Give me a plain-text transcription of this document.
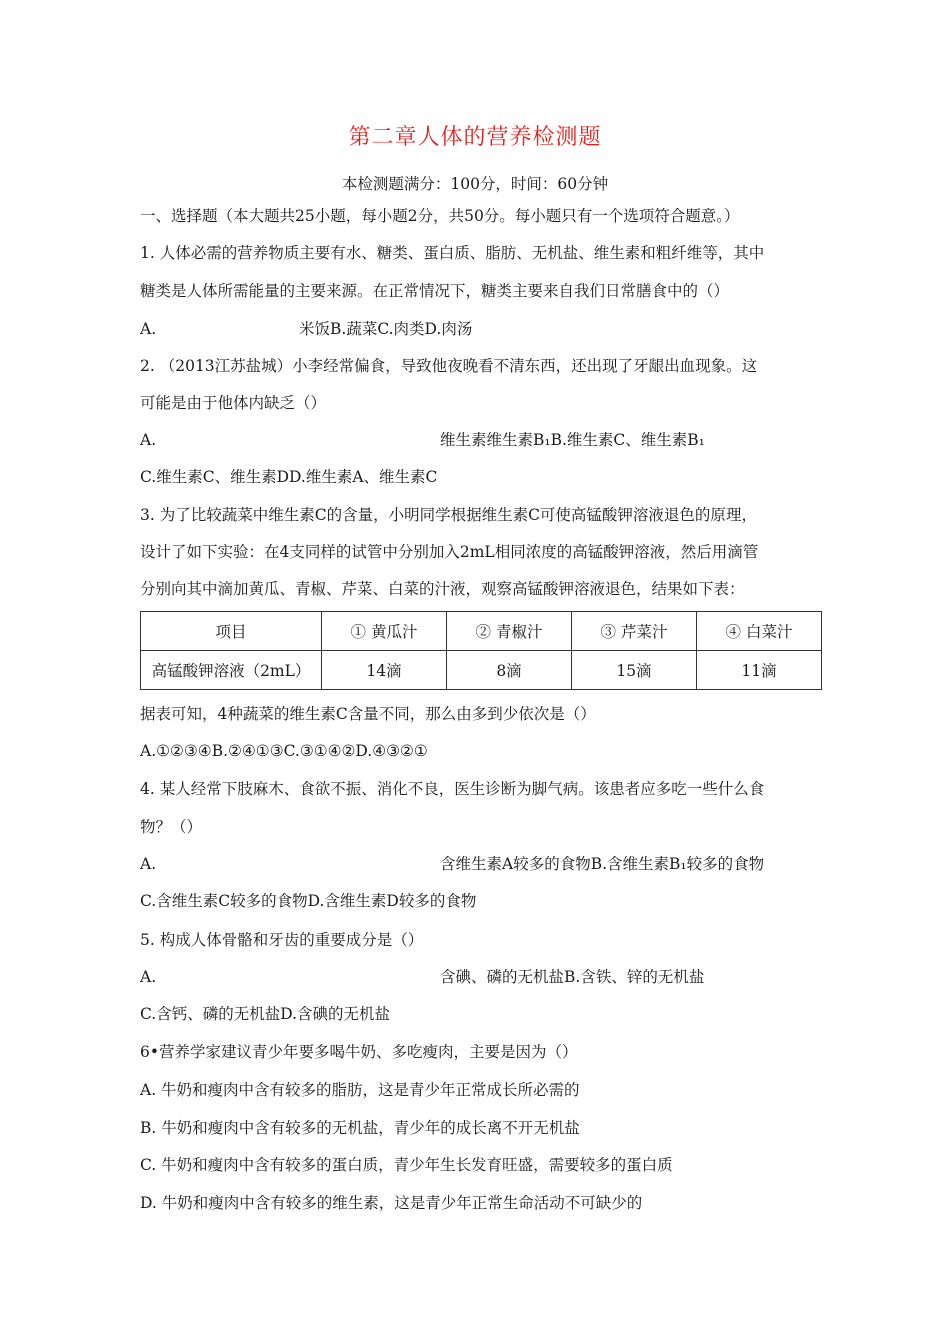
第二章人体的营养检测题
本检测题满分：100分，时间：60分钟
一、选择题（本大题共25小题，每小题2分，共50分。每小题只有一个选项符合题意。）
1. 人体必需的营养物质主要有水、糖类、蛋白质、脂肪、无机盐、维生素和粗纤维等，其中
糖类是人体所需能量的主要来源。在正常情况下，糖类主要来自我们日常膳食中的（）
A.	米饭B.蔬菜C.肉类D.肉汤
2. （2013江苏盐城）小李经常偏食，导致他夜晚看不清东西，还出现了牙龈出血现象。这
可能是由于他体内缺乏（）
A.	维生素维生素B₁B.维生素C、维生素B₁
C.维生素C、维生素DD.维生素A、维生素C
3. 为了比较蔬菜中维生素C的含量，小明同学根据维生素C可使高锰酸钾溶液退色的原理，
设计了如下实验：在4支同样的试管中分别加入2mL相同浓度的高锰酸钾溶液，然后用滴管
分别向其中滴加黄瓜、青椒、芹菜、白菜的汁液，观察高锰酸钾溶液退色，结果如下表：
项目	① 黄瓜汁	② 青椒汁	③ 芹菜汁	④ 白菜汁
高锰酸钾溶液（2mL）	14滴	8滴	15滴	11滴
据表可知，4种蔬菜的维生素C含量不同，那么由多到少依次是（）
A.①②③④B.②④①③C.③①④②D.④③②①
4. 某人经常下肢麻木、食欲不振、消化不良，医生诊断为脚气病。该患者应多吃一些什么食
物？（）
A.	含维生素A较多的食物B.含维生素B₁较多的食物
C.含维生素C较多的食物D.含维生素D较多的食物
5. 构成人体骨骼和牙齿的重要成分是（）
A.	含碘、磷的无机盐B.含铁、锌的无机盐
C.含钙、磷的无机盐D.含碘的无机盐
6•营养学家建议青少年要多喝牛奶、多吃瘦肉，主要是因为（）
A. 牛奶和瘦肉中含有较多的脂肪，这是青少年正常成长所必需的
B. 牛奶和瘦肉中含有较多的无机盐，青少年的成长离不开无机盐
C. 牛奶和瘦肉中含有较多的蛋白质，青少年生长发育旺盛，需要较多的蛋白质
D. 牛奶和瘦肉中含有较多的维生素，这是青少年正常生命活动不可缺少的
